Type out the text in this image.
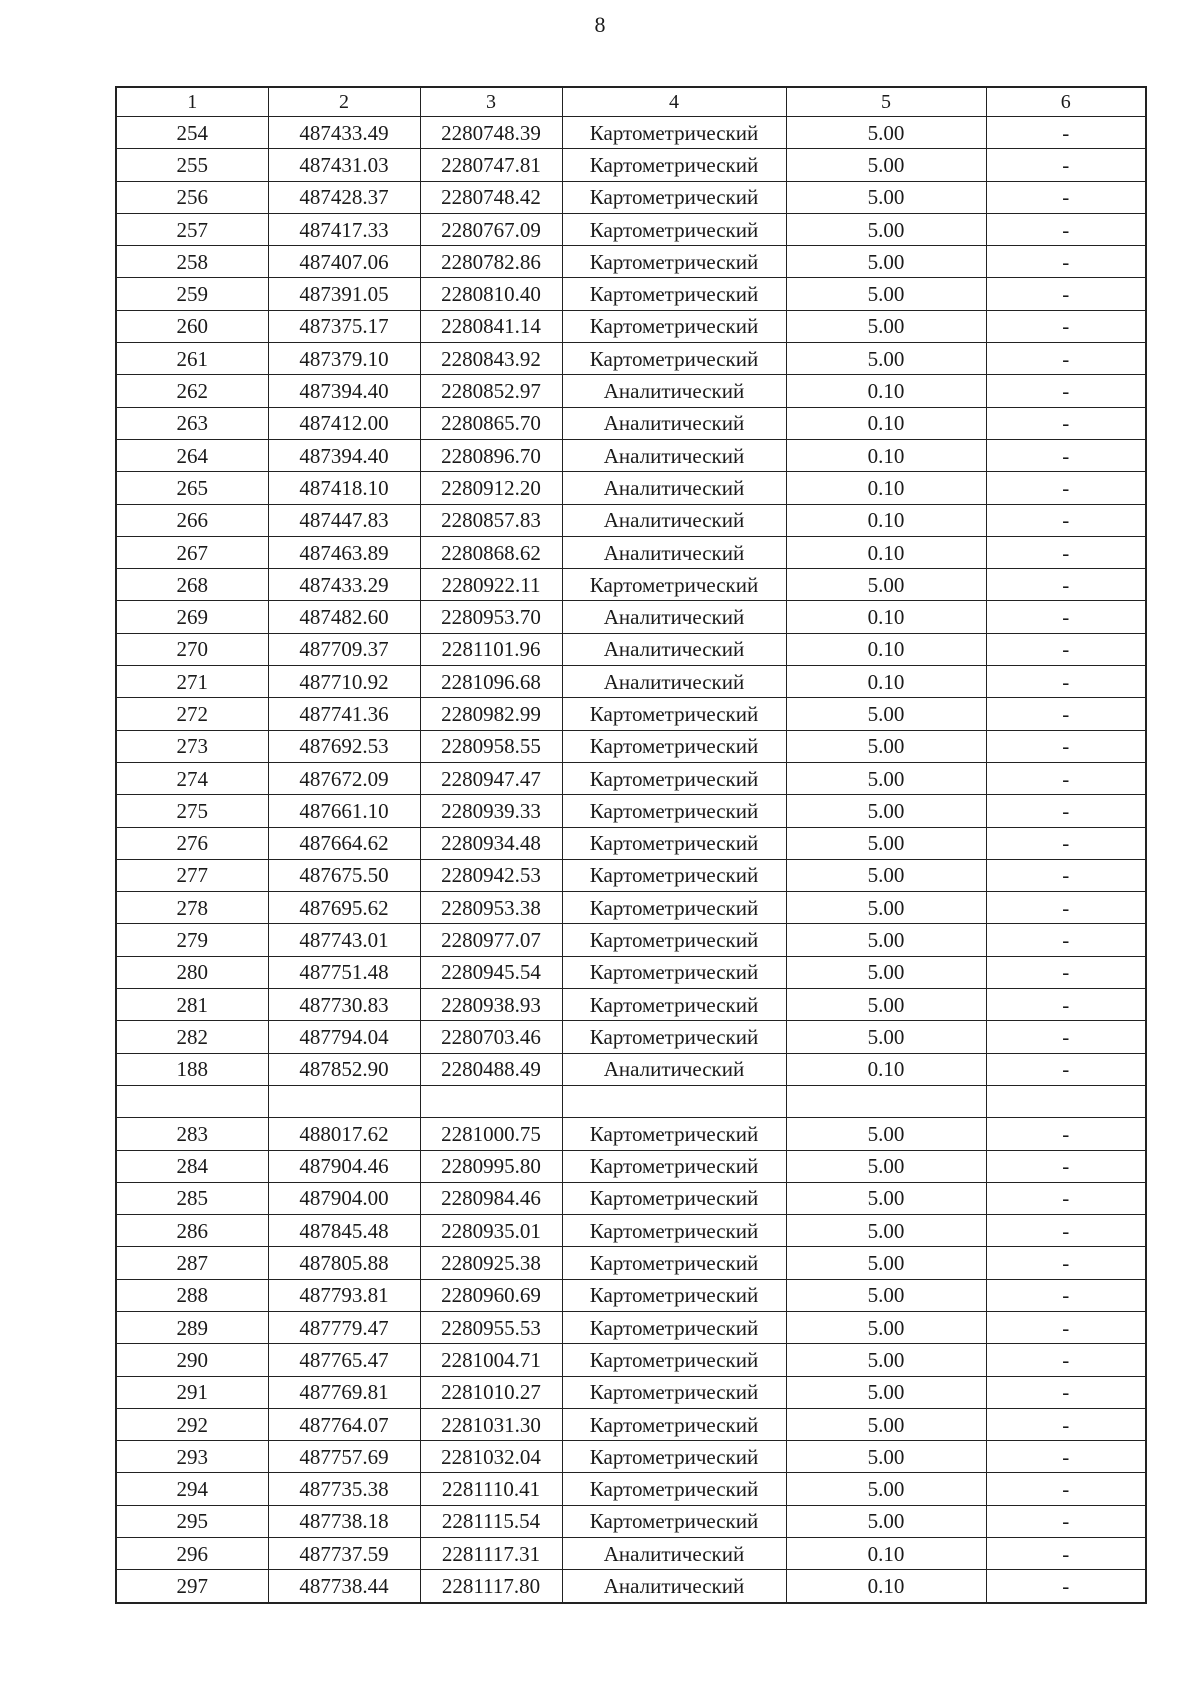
8
1	2	3	4	5	6
254	487433.49	2280748.39	Картометрический	5.00	-
255	487431.03	2280747.81	Картометрический	5.00	-
256	487428.37	2280748.42	Картометрический	5.00	-
257	487417.33	2280767.09	Картометрический	5.00	-
258	487407.06	2280782.86	Картометрический	5.00	-
259	487391.05	2280810.40	Картометрический	5.00	-
260	487375.17	2280841.14	Картометрический	5.00	-
261	487379.10	2280843.92	Картометрический	5.00	-
262	487394.40	2280852.97	Аналитический	0.10	-
263	487412.00	2280865.70	Аналитический	0.10	-
264	487394.40	2280896.70	Аналитический	0.10	-
265	487418.10	2280912.20	Аналитический	0.10	-
266	487447.83	2280857.83	Аналитический	0.10	-
267	487463.89	2280868.62	Аналитический	0.10	-
268	487433.29	2280922.11	Картометрический	5.00	-
269	487482.60	2280953.70	Аналитический	0.10	-
270	487709.37	2281101.96	Аналитический	0.10	-
271	487710.92	2281096.68	Аналитический	0.10	-
272	487741.36	2280982.99	Картометрический	5.00	-
273	487692.53	2280958.55	Картометрический	5.00	-
274	487672.09	2280947.47	Картометрический	5.00	-
275	487661.10	2280939.33	Картометрический	5.00	-
276	487664.62	2280934.48	Картометрический	5.00	-
277	487675.50	2280942.53	Картометрический	5.00	-
278	487695.62	2280953.38	Картометрический	5.00	-
279	487743.01	2280977.07	Картометрический	5.00	-
280	487751.48	2280945.54	Картометрический	5.00	-
281	487730.83	2280938.93	Картометрический	5.00	-
282	487794.04	2280703.46	Картометрический	5.00	-
188	487852.90	2280488.49	Аналитический	0.10	-

283	488017.62	2281000.75	Картометрический	5.00	-
284	487904.46	2280995.80	Картометрический	5.00	-
285	487904.00	2280984.46	Картометрический	5.00	-
286	487845.48	2280935.01	Картометрический	5.00	-
287	487805.88	2280925.38	Картометрический	5.00	-
288	487793.81	2280960.69	Картометрический	5.00	-
289	487779.47	2280955.53	Картометрический	5.00	-
290	487765.47	2281004.71	Картометрический	5.00	-
291	487769.81	2281010.27	Картометрический	5.00	-
292	487764.07	2281031.30	Картометрический	5.00	-
293	487757.69	2281032.04	Картометрический	5.00	-
294	487735.38	2281110.41	Картометрический	5.00	-
295	487738.18	2281115.54	Картометрический	5.00	-
296	487737.59	2281117.31	Аналитический	0.10	-
297	487738.44	2281117.80	Аналитический	0.10	-
